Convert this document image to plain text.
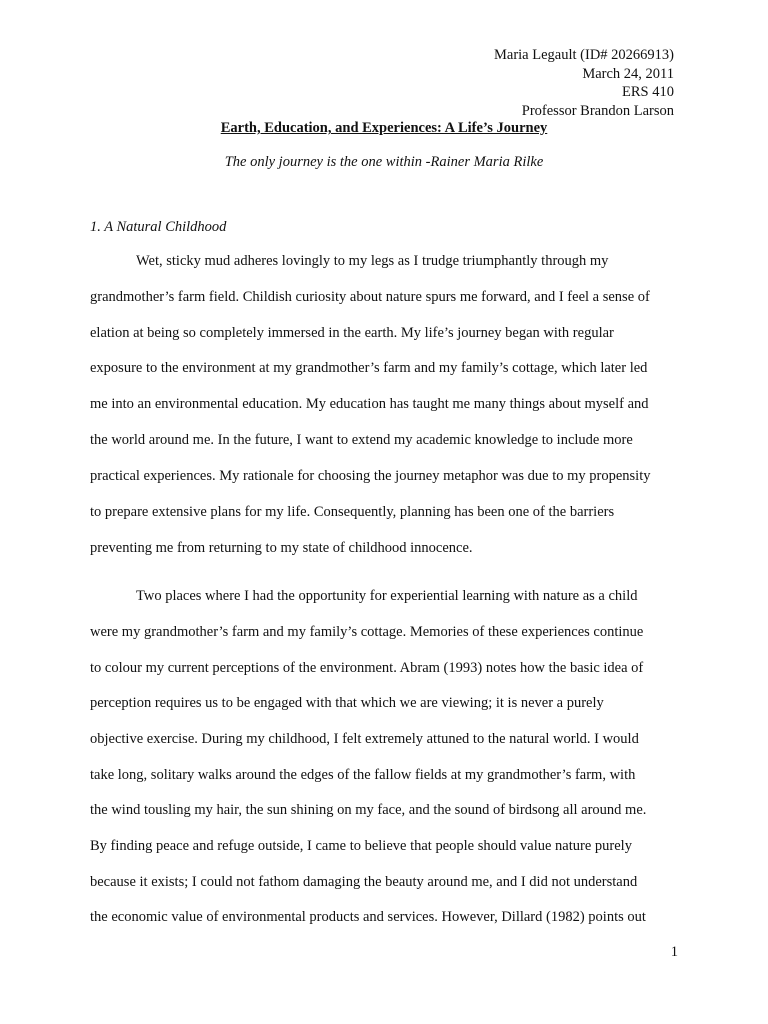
Maria Legault (ID# 20266913)
March 24, 2011
ERS 410
Professor Brandon Larson
Earth, Education, and Experiences: A Life’s Journey
The only journey is the one within -Rainer Maria Rilke
1. A Natural Childhood
Wet, sticky mud adheres lovingly to my legs as I trudge triumphantly through my
grandmother’s farm field. Childish curiosity about nature spurs me forward, and I feel a sense of
elation at being so completely immersed in the earth. My life’s journey began with regular
exposure to the environment at my grandmother’s farm and my family’s cottage, which later led
me into an environmental education. My education has taught me many things about myself and
the world around me. In the future, I want to extend my academic knowledge to include more
practical experiences. My rationale for choosing the journey metaphor was due to my propensity
to prepare extensive plans for my life. Consequently, planning has been one of the barriers
preventing me from returning to my state of childhood innocence.
Two places where I had the opportunity for experiential learning with nature as a child
were my grandmother’s farm and my family’s cottage. Memories of these experiences continue
to colour my current perceptions of the environment. Abram (1993) notes how the basic idea of
perception requires us to be engaged with that which we are viewing; it is never a purely
objective exercise. During my childhood, I felt extremely attuned to the natural world. I would
take long, solitary walks around the edges of the fallow fields at my grandmother’s farm, with
the wind tousling my hair, the sun shining on my face, and the sound of birdsong all around me.
By finding peace and refuge outside, I came to believe that people should value nature purely
because it exists; I could not fathom damaging the beauty around me, and I did not understand
the economic value of environmental products and services. However, Dillard (1982) points out
1
